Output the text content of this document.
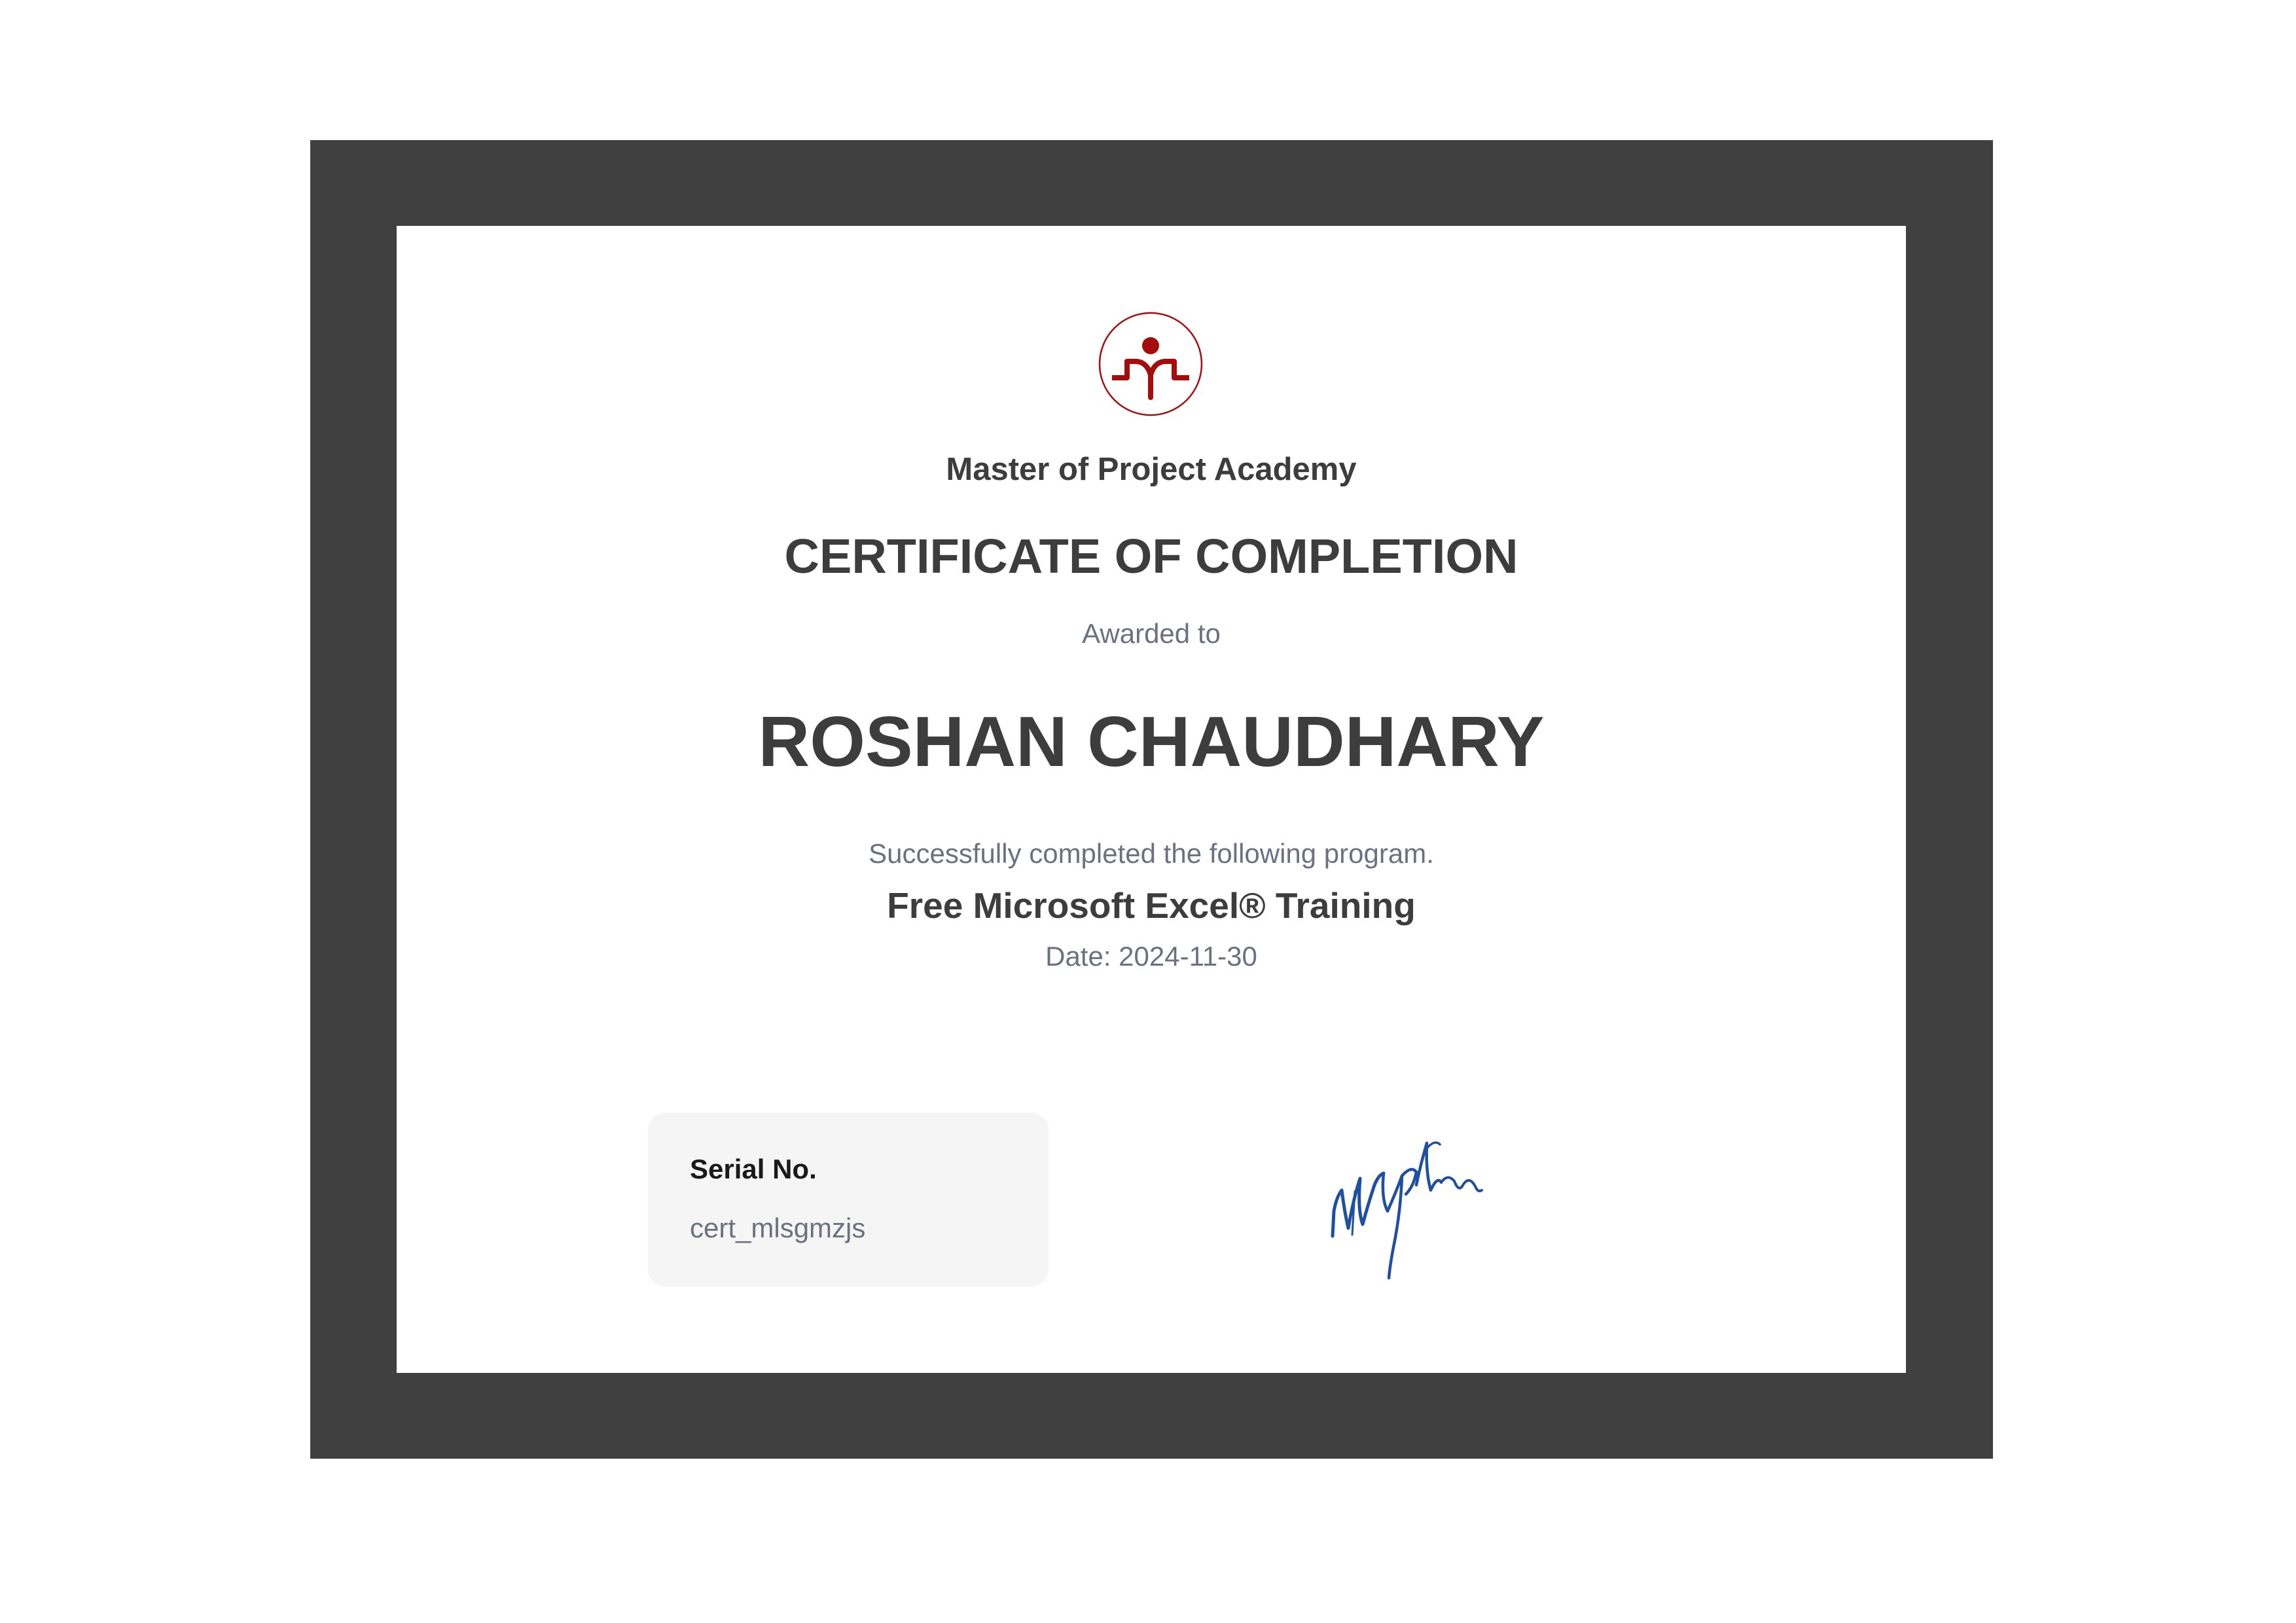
Master of Project Academy
CERTIFICATE OF COMPLETION
Awarded to
ROSHAN CHAUDHARY
Successfully completed the following program.
Free Microsoft Excel® Training
Date: 2024-11-30
Serial No.
cert_mlsgmzjs
